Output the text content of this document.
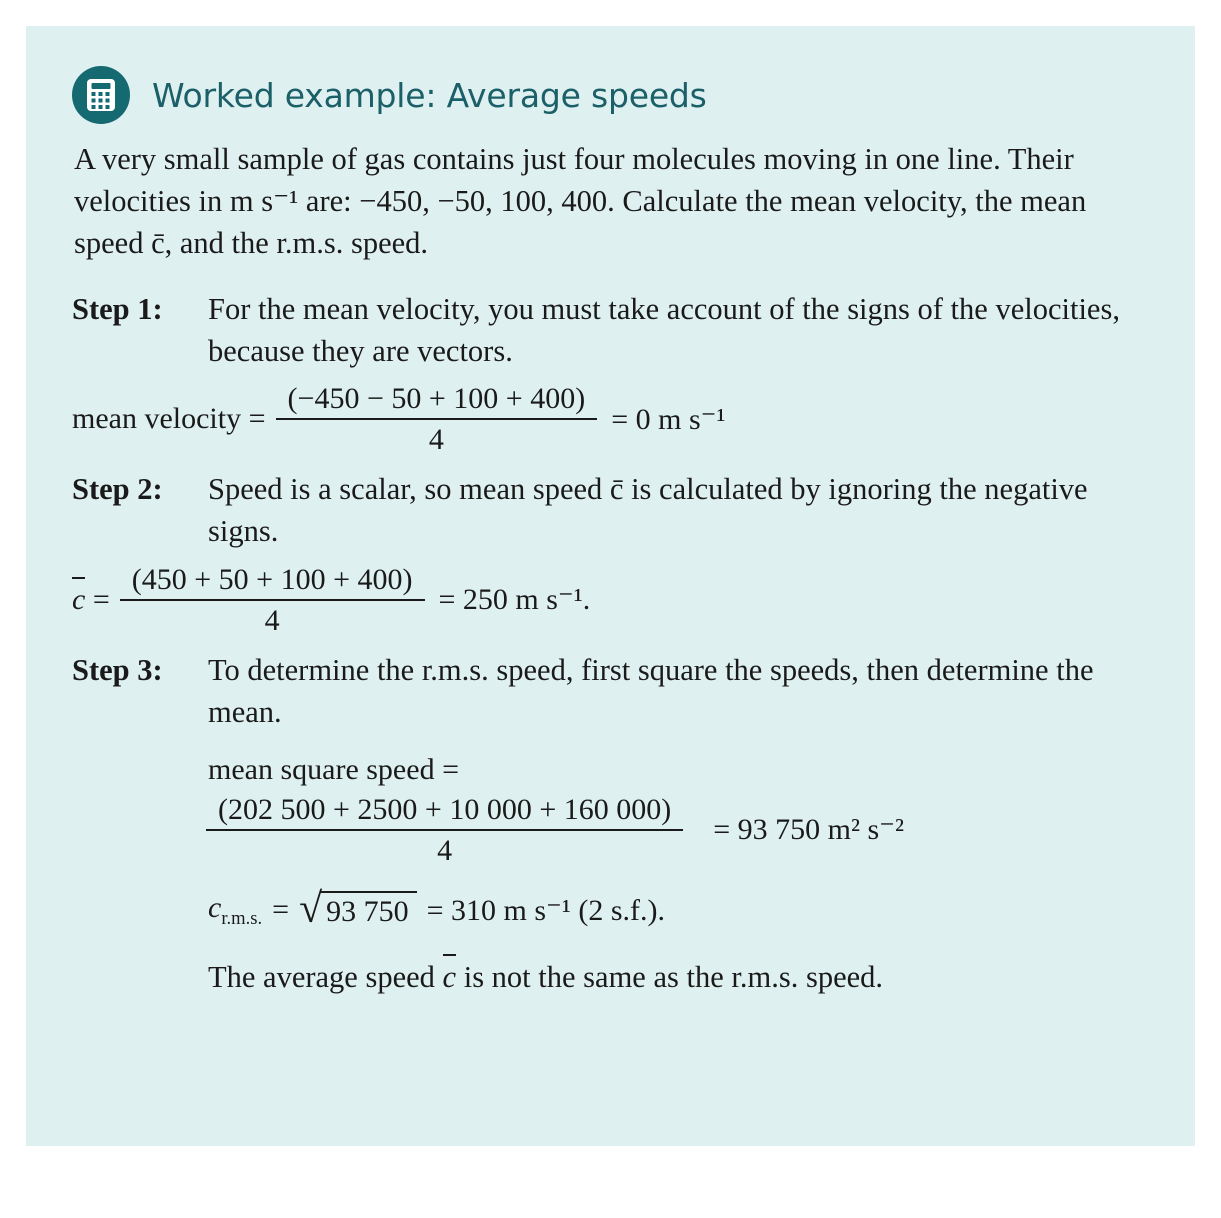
Worked example: Average speeds

A very small sample of gas contains just four molecules moving in one line. Their velocities in m s⁻¹ are: −450, −50, 100, 400. Calculate the mean velocity, the mean speed c̄, and the r.m.s. speed.

Step 1:	For the mean velocity, you must take account of the signs of the velocities, because they are vectors.
mean velocity = $\frac{(-450 - 50 + 100 + 400)}{4} = 0$ m s⁻¹
Step 2:	Speed is a scalar, so mean speed c̄ is calculated by ignoring the negative signs.
$c = \frac{(450 + 50 + 100 + 400)}{4} = 250$ m s⁻¹.
Step 3:	To determine the r.m.s. speed, first square the speeds, then determine the mean.
mean square speed =
$\frac{(202 500 + 2500 + 10 000 + 160 000)}{4} = 93$ 750 m² s⁻²
$c_{r.m.s.}$ = √ 93 750 = 310 m s⁻¹ (2 s.f.).
The average speed c is not the same as the r.m.s. speed.
